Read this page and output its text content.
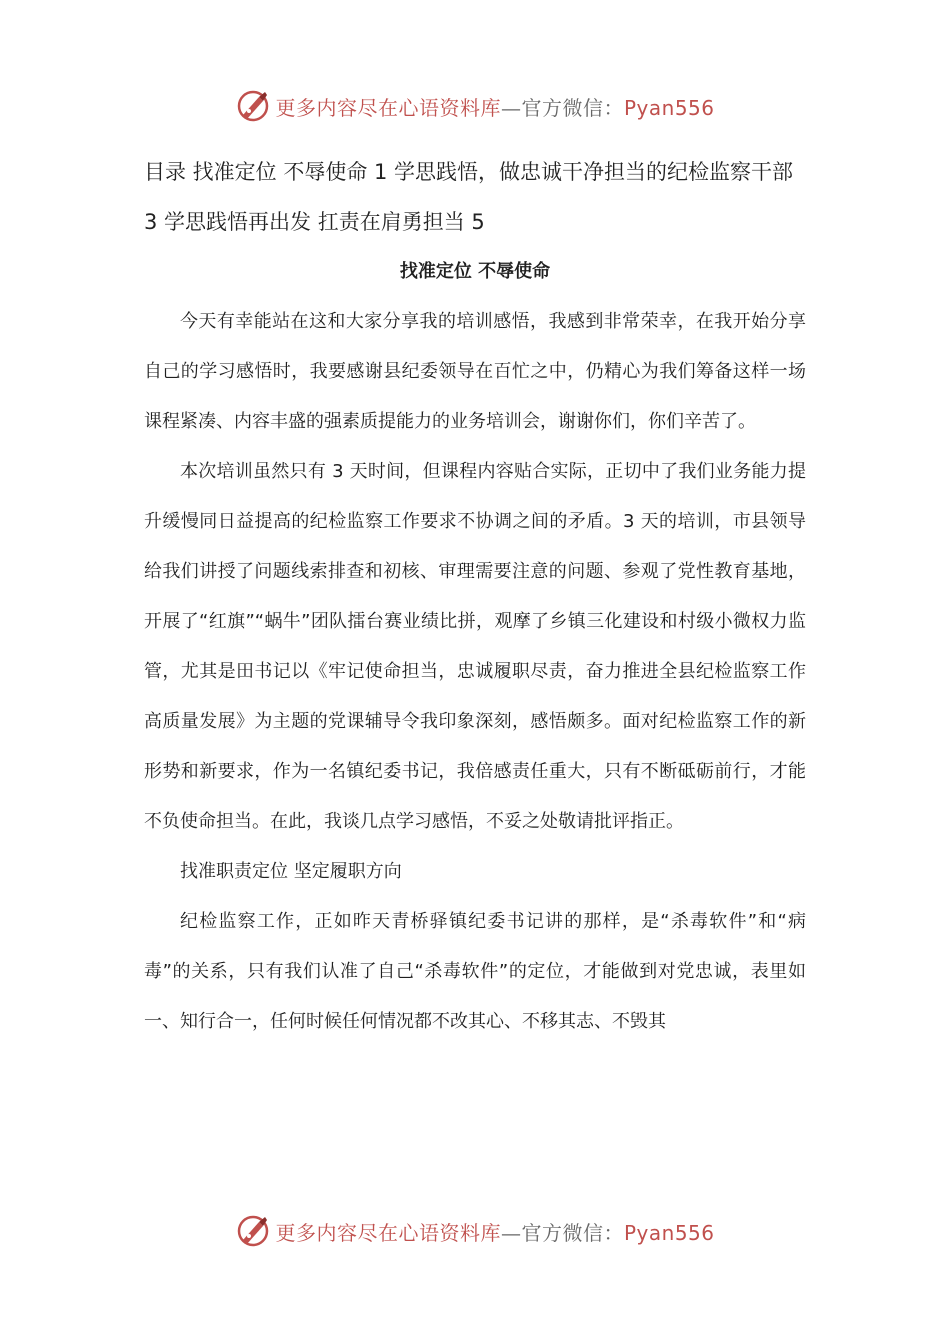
更多内容尽在心语资料库—官方微信：Pyan556

目录 找准定位 不辱使命 1 学思践悟，做忠诚干净担当的纪检监察干部 3 学思践悟再出发 扛责在肩勇担当 5

找准定位 不辱使命

今天有幸能站在这和大家分享我的培训感悟，我感到非常荣幸，在我开始分享自己的学习感悟时，我要感谢县纪委领导在百忙之中，仍精心为我们筹备这样一场课程紧凑、内容丰盛的强素质提能力的业务培训会，谢谢你们，你们辛苦了。

本次培训虽然只有 3 天时间，但课程内容贴合实际，正切中了我们业务能力提升缓慢同日益提高的纪检监察工作要求不协调之间的矛盾。3 天的培训，市县领导给我们讲授了问题线索排查和初核、审理需要注意的问题、参观了党性教育基地，开展了“红旗”“蜗牛”团队擂台赛业绩比拼，观摩了乡镇三化建设和村级小微权力监管，尤其是田书记以《牢记使命担当，忠诚履职尽责，奋力推进全县纪检监察工作高质量发展》为主题的党课辅导令我印象深刻，感悟颇多。面对纪检监察工作的新形势和新要求，作为一名镇纪委书记，我倍感责任重大，只有不断砥砺前行，才能不负使命担当。在此，我谈几点学习感悟，不妥之处敬请批评指正。

找准职责定位 坚定履职方向

纪检监察工作，正如昨天青桥驿镇纪委书记讲的那样，是“杀毒软件”和“病毒”的关系，只有我们认准了自己“杀毒软件”的定位，才能做到对党忠诚，表里如一、知行合一，任何时候任何情况都不改其心、不移其志、不毁其

更多内容尽在心语资料库—官方微信：Pyan556
